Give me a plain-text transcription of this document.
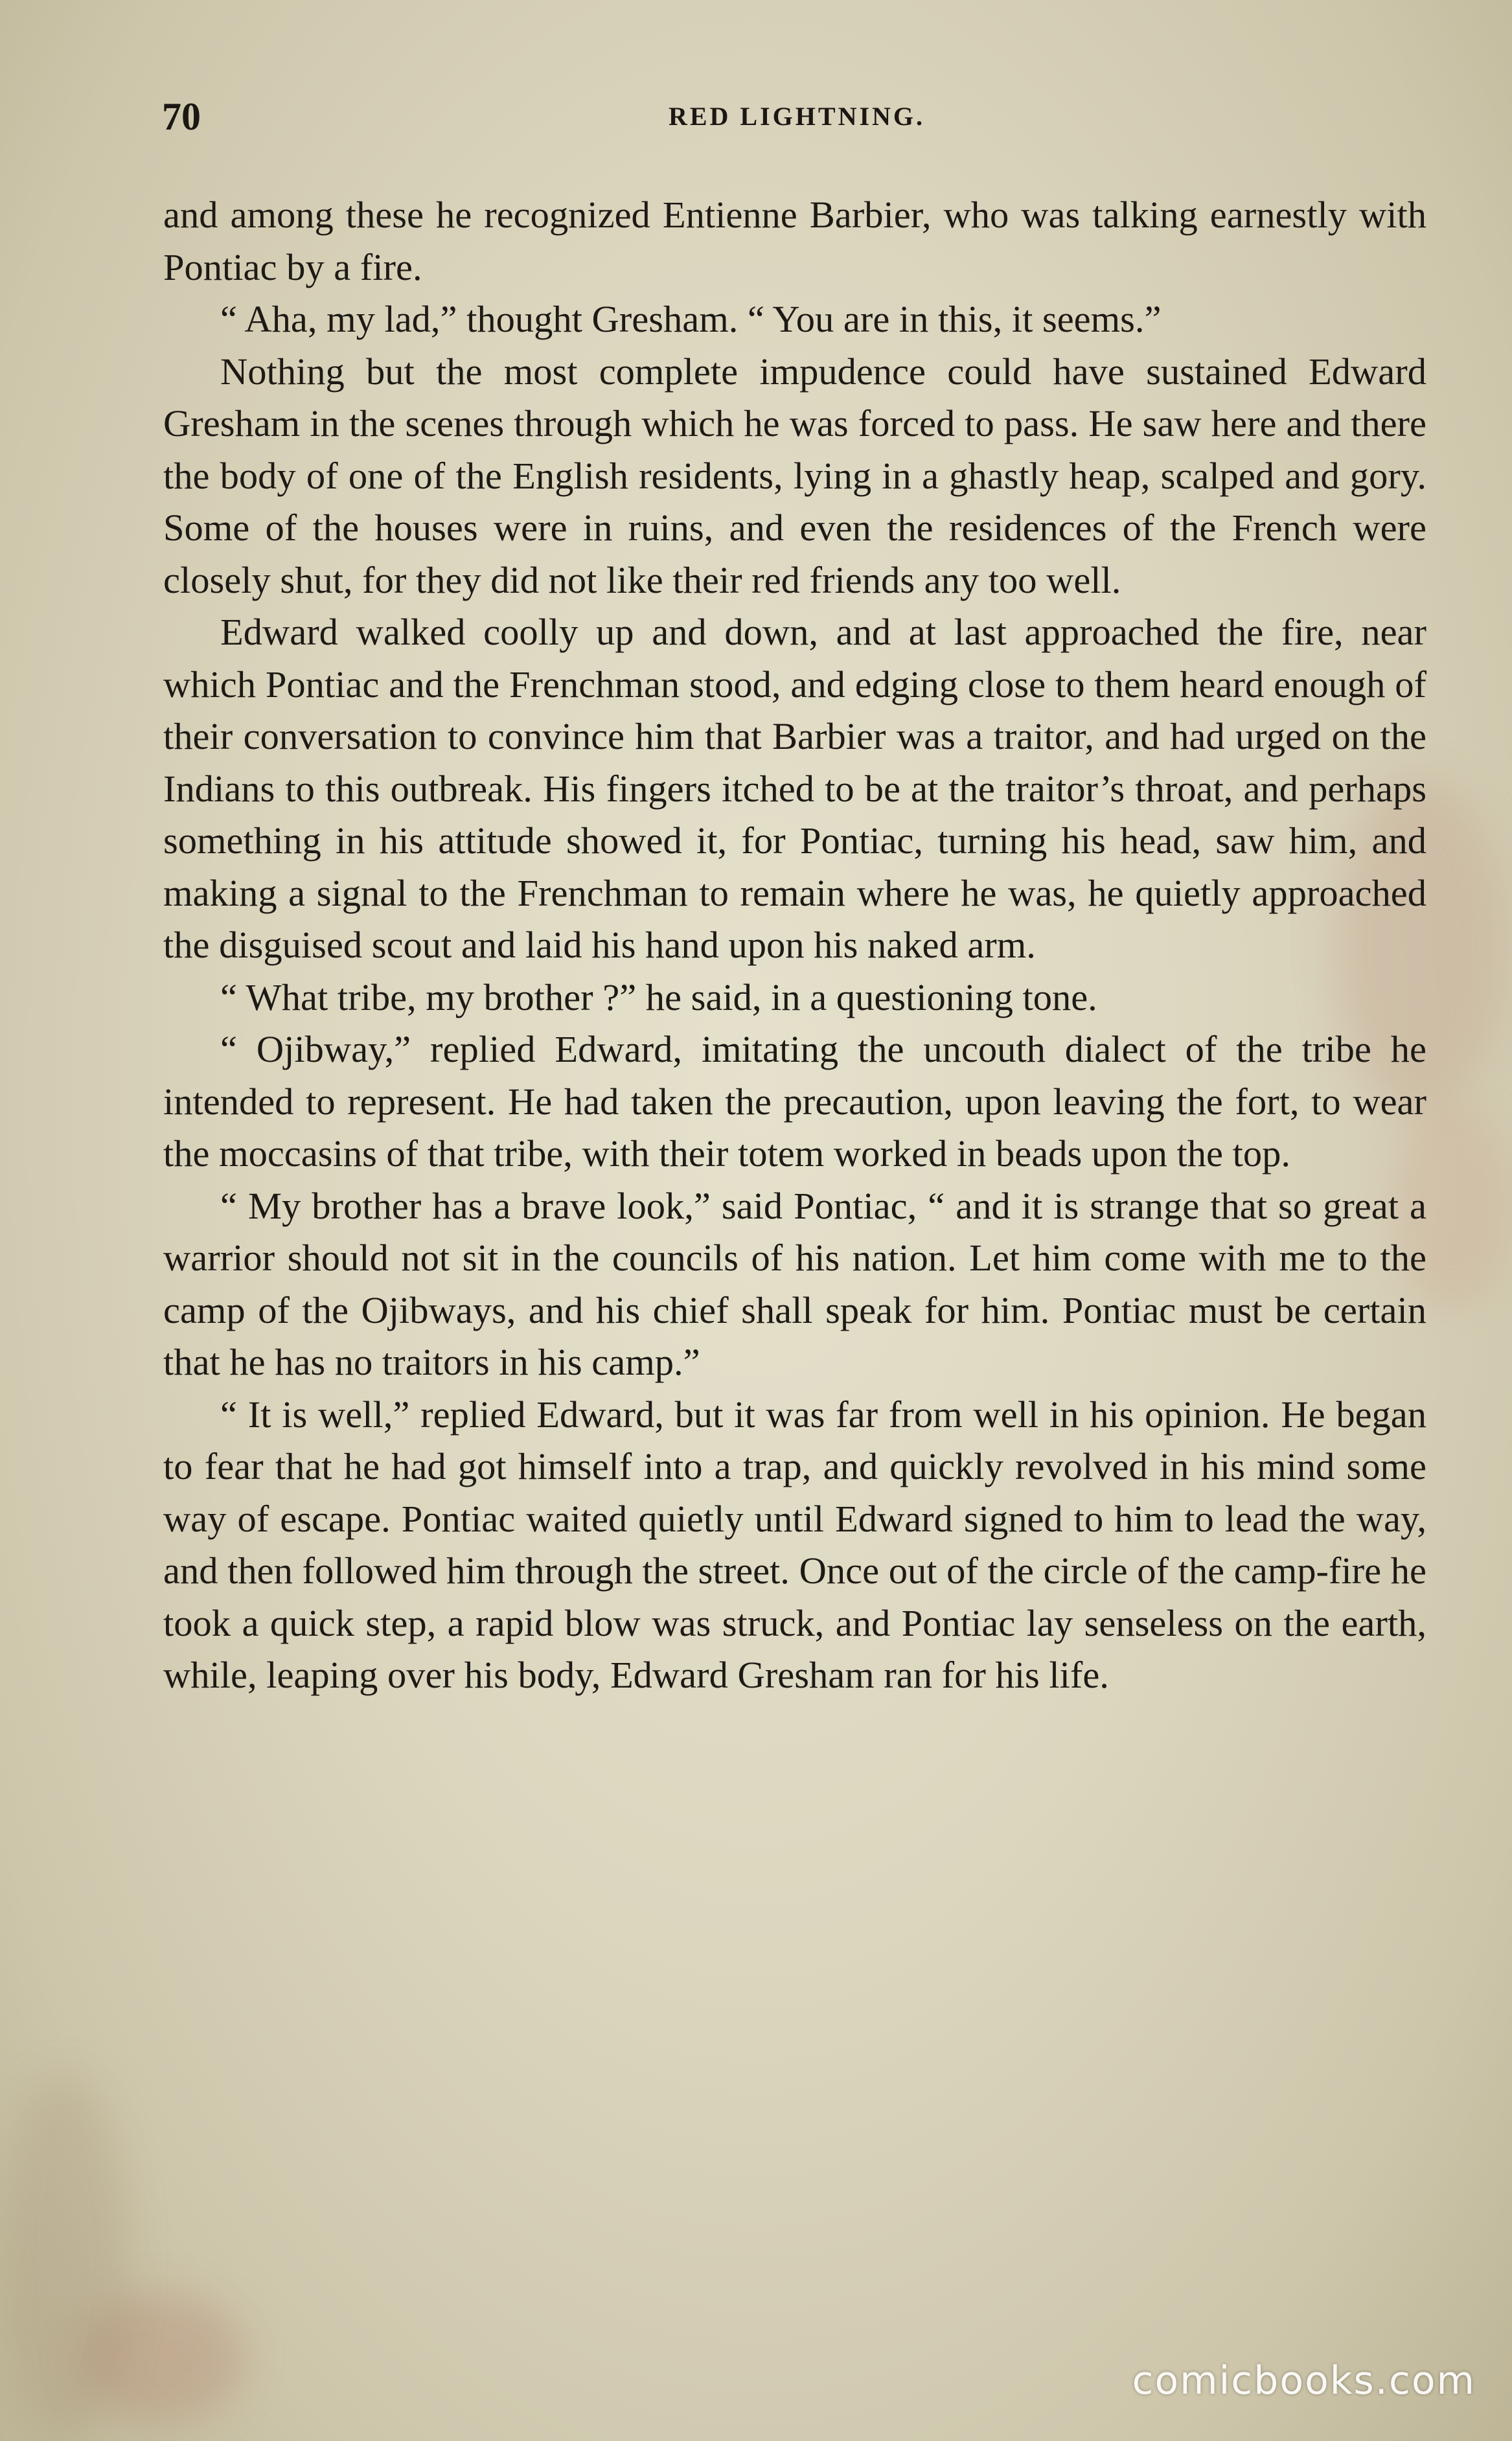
70	RED LIGHTNING.

and among these he recognized Entienne Barbier, who was talking earnestly with Pontiac by a fire.

“ Aha, my lad,” thought Gresham. “ You are in this, it seems.”

Nothing but the most complete impudence could have sustained Edward Gresham in the scenes through which he was forced to pass. He saw here and there the body of one of the English residents, lying in a ghastly heap, scalped and gory. Some of the houses were in ruins, and even the residences of the French were closely shut, for they did not like their red friends any too well.

Edward walked coolly up and down, and at last approached the fire, near which Pontiac and the Frenchman stood, and edging close to them heard enough of their conversation to convince him that Barbier was a traitor, and had urged on the Indians to this outbreak. His fingers itched to be at the traitor’s throat, and perhaps something in his attitude showed it, for Pontiac, turning his head, saw him, and making a signal to the Frenchman to remain where he was, he quietly approached the disguised scout and laid his hand upon his naked arm.

“ What tribe, my brother ?” he said, in a questioning tone.

“ Ojibway,” replied Edward, imitating the uncouth dialect of the tribe he intended to represent. He had taken the precaution, upon leaving the fort, to wear the moccasins of that tribe, with their totem worked in beads upon the top.

“ My brother has a brave look,” said Pontiac, “ and it is strange that so great a warrior should not sit in the councils of his nation. Let him come with me to the camp of the Ojibways, and his chief shall speak for him. Pontiac must be certain that he has no traitors in his camp.”

“ It is well,” replied Edward, but it was far from well in his opinion. He began to fear that he had got himself into a trap, and quickly revolved in his mind some way of escape. Pontiac waited quietly until Edward signed to him to lead the way, and then followed him through the street. Once out of the circle of the camp-fire he took a quick step, a rapid blow was struck, and Pontiac lay senseless on the earth, while, leaping over his body, Edward Gresham ran for his life.

comicbooks.com
